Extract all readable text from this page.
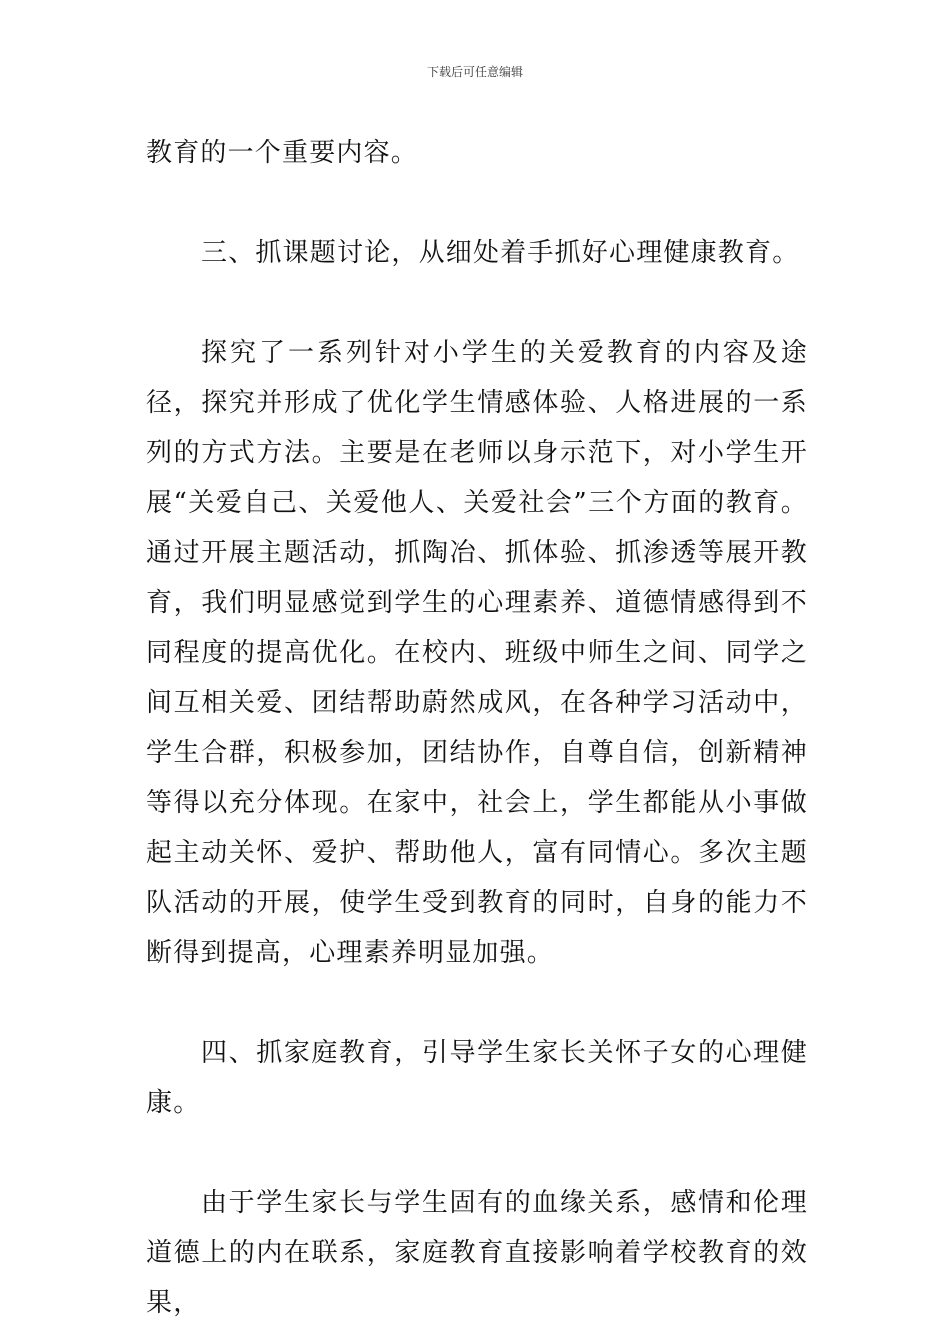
下载后可任意编辑

教育的一个重要内容。

三、抓课题讨论，从细处着手抓好心理健康教育。

探究了一系列针对小学生的关爱教育的内容及途径，探究并形成了优化学生情感体验、人格进展的一系列的方式方法。主要是在老师以身示范下，对小学生开展“关爱自己、关爱他人、关爱社会”三个方面的教育。通过开展主题活动，抓陶冶、抓体验、抓渗透等展开教育，我们明显感觉到学生的心理素养、道德情感得到不同程度的提高优化。在校内、班级中师生之间、同学之间互相关爱、团结帮助蔚然成风，在各种学习活动中，学生合群，积极参加，团结协作，自尊自信，创新精神等得以充分体现。在家中，社会上，学生都能从小事做起主动关怀、爱护、帮助他人，富有同情心。多次主题队活动的开展，使学生受到教育的同时，自身的能力不断得到提高，心理素养明显加强。

四、抓家庭教育，引导学生家长关怀子女的心理健康。

由于学生家长与学生固有的血缘关系，感情和伦理道德上的内在联系，家庭教育直接影响着学校教育的效果，
